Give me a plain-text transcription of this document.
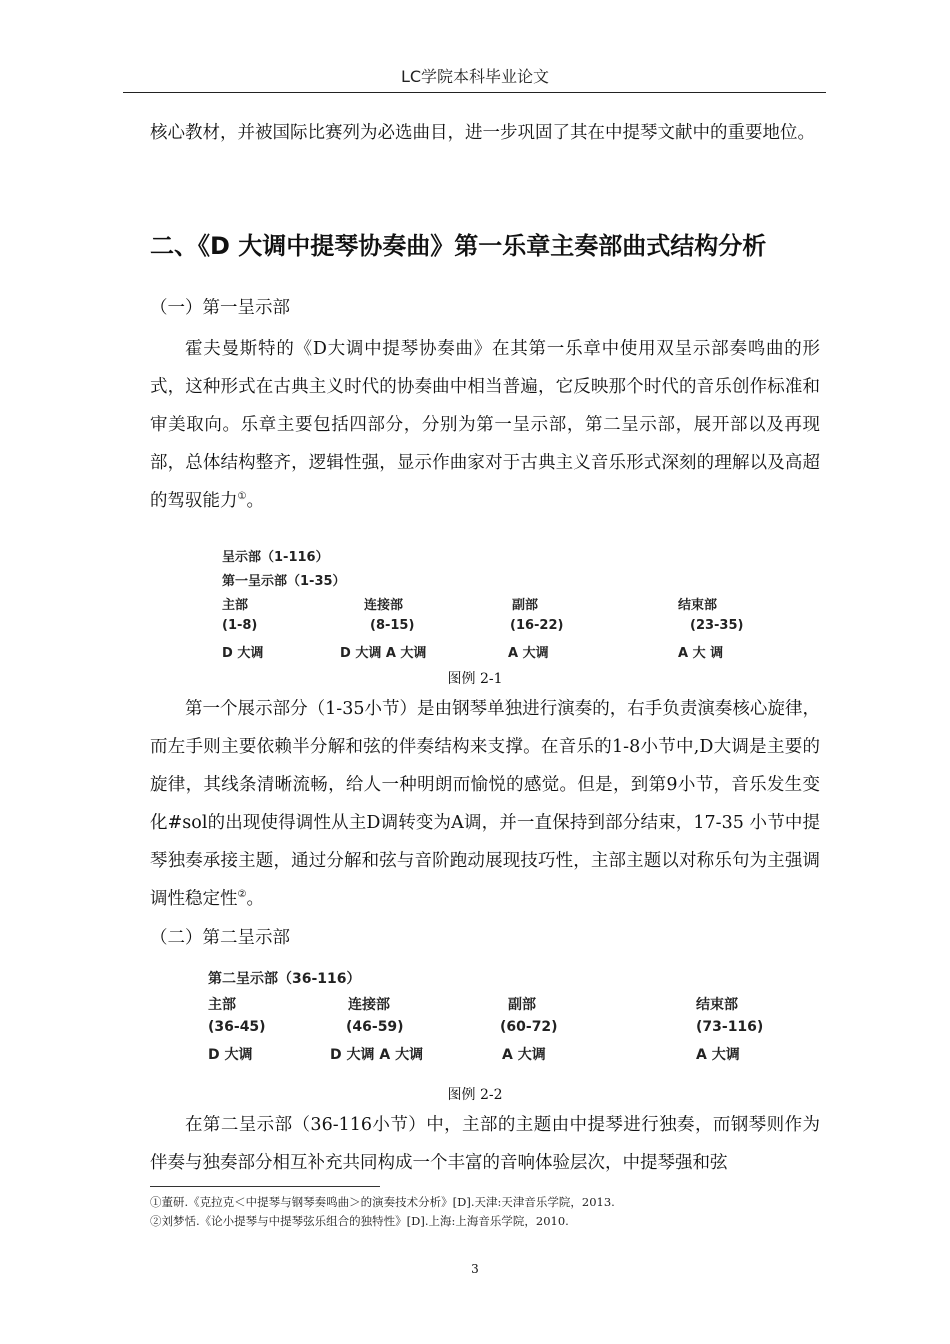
LC学院本科毕业论文

核心教材，并被国际比赛列为必选曲目，进一步巩固了其在中提琴文献中的重要地位。

二、《D 大调中提琴协奏曲》第一乐章主奏部曲式结构分析

（一）第一呈示部

霍夫曼斯特的《D大调中提琴协奏曲》在其第一乐章中使用双呈示部奏鸣曲的形式，这种形式在古典主义时代的协奏曲中相当普遍，它反映那个时代的音乐创作标准和审美取向。乐章主要包括四部分，分别为第一呈示部，第二呈示部，展开部以及再现部，总体结构整齐，逻辑性强，显示作曲家对于古典主义音乐形式深刻的理解以及高超的驾驭能力①。

呈示部（1-116）
第一呈示部（1-35）
主部	连接部	副部	结束部
(1-8)	(8-15)	(16-22)	(23-35)
D 大调	D 大调 A 大调	A 大调	A 大 调
图例 2-1

第一个展示部分（1-35小节）是由钢琴单独进行演奏的，右手负责演奏核心旋律，而左手则主要依赖半分解和弦的伴奏结构来支撑。在音乐的1-8小节中,D大调是主要的旋律，其线条清晰流畅，给人一种明朗而愉悦的感觉。但是，到第9小节，音乐发生变化#sol的出现使得调性从主D调转变为A调，并一直保持到部分结束，17-35 小节中提琴独奏承接主题，通过分解和弦与音阶跑动展现技巧性，主部主题以对称乐句为主强调调性稳定性②。

（二）第二呈示部

第二呈示部（36-116）
主部	连接部	副部	结束部
(36-45)	(46-59)	(60-72)	(73-116)
D 大调	D 大调 A 大调	A 大调	A 大调
图例 2-2

在第二呈示部（36-116小节）中，主部的主题由中提琴进行独奏，而钢琴则作为伴奏与独奏部分相互补充共同构成一个丰富的音响体验层次，中提琴强和弦

①董研.《克拉克＜中提琴与钢琴奏鸣曲＞的演奏技术分析》[D].天津:天津音乐学院，2013.
②刘梦恬.《论小提琴与中提琴弦乐组合的独特性》[D].上海:上海音乐学院，2010.
3
